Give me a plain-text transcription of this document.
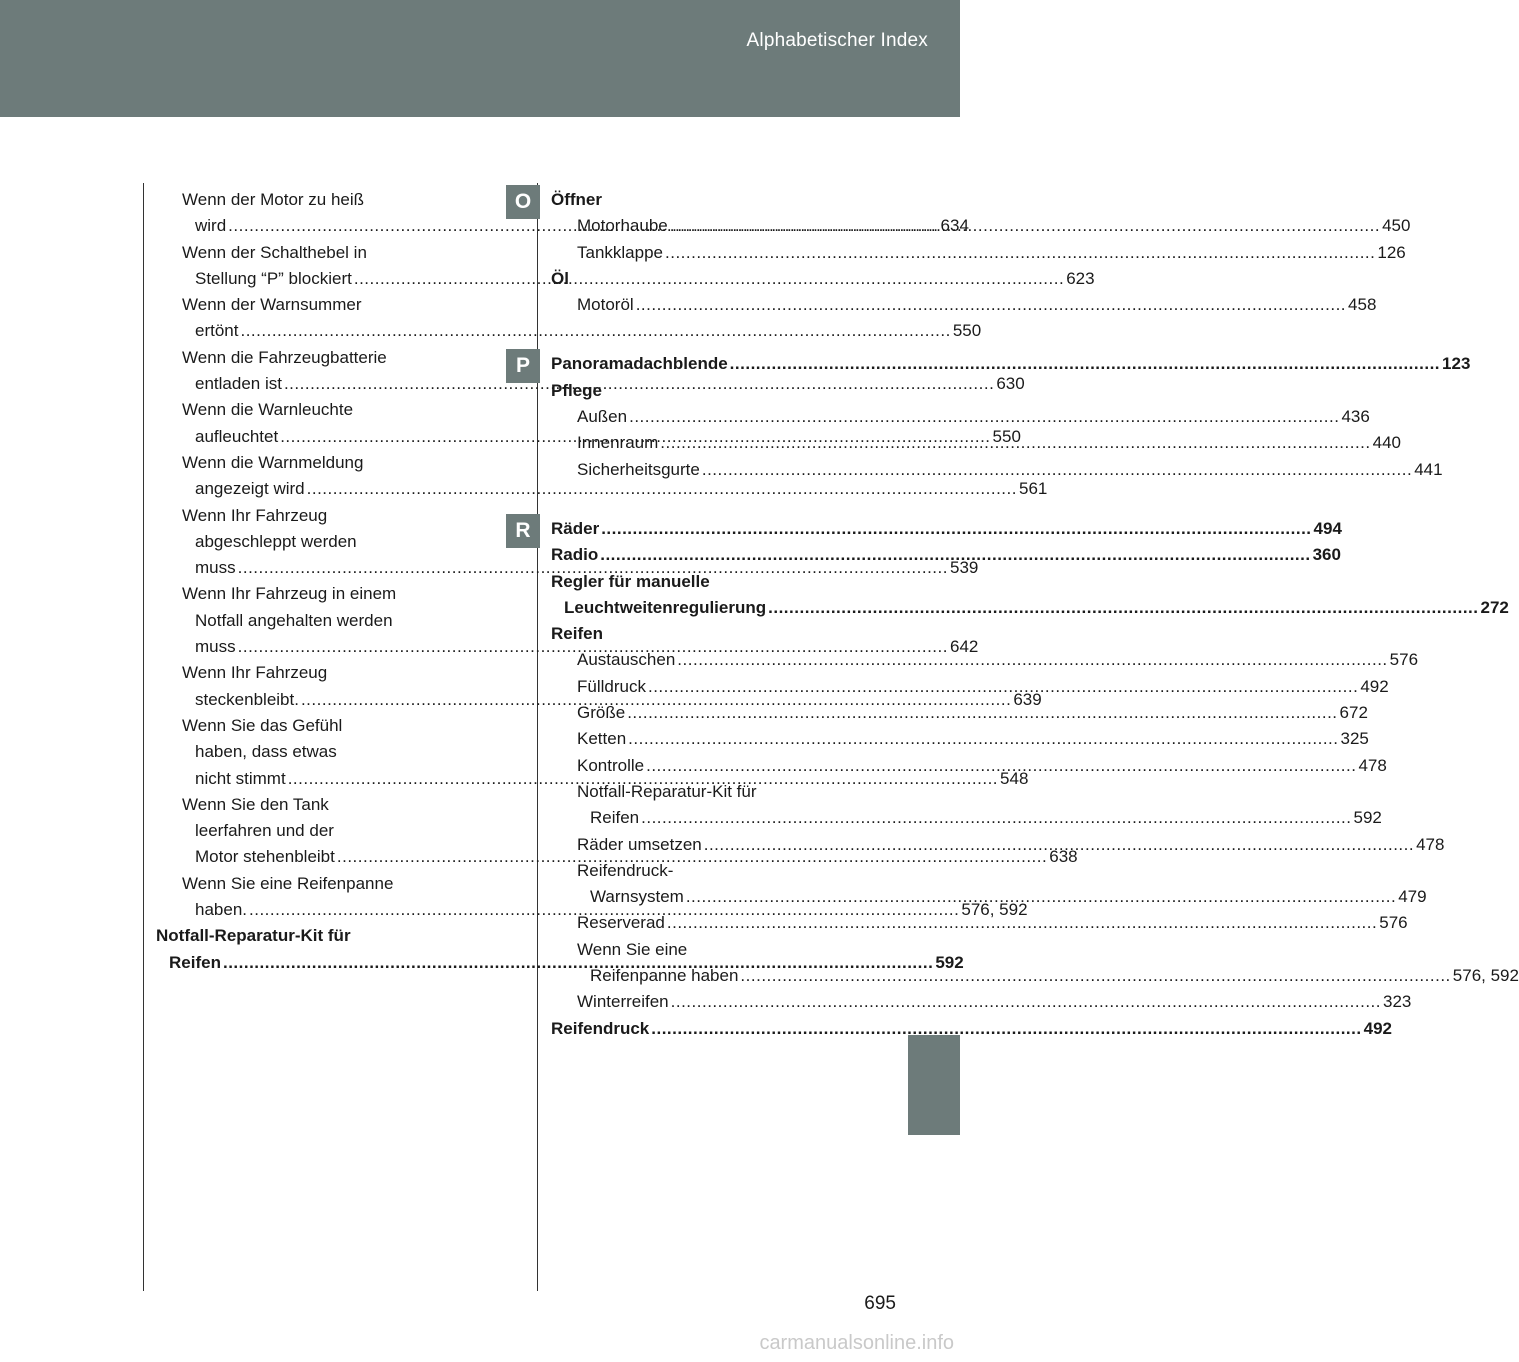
Alphabetischer Index
Wenn der Motor zu heiß
wird .....	634
Wenn der Schalthebel in
Stellung “P” blockiert .....	623
Wenn der Warnsummer
ertönt .....	550
Wenn die Fahrzeugbatterie
entladen ist .....	630
Wenn die Warnleuchte
aufleuchtet .....	550
Wenn die Warnmeldung
angezeigt wird .....	561
Wenn Ihr Fahrzeug
abgeschleppt werden
muss .....	539
Wenn Ihr Fahrzeug in einem
Notfall angehalten werden
muss .....	642
Wenn Ihr Fahrzeug
steckenbleibt. .....	639
Wenn Sie das Gefühl
haben, dass etwas
nicht stimmt .....	548
Wenn Sie den Tank
leerfahren und der
Motor stehenbleibt .....	638
Wenn Sie eine Reifenpanne
haben. .....	576, 592
Notfall-Reparatur-Kit für
Reifen .....	592
Öffner
Motorhaube .....	450
Tankklappe .....	126
Öl
Motoröl .....	458
Panoramadachblende .....	123
Pflege
Außen .....	436
Innenraum .....	440
Sicherheitsgurte .....	441
Räder .....	494
Radio .....	360
Regler für manuelle
Leuchtweitenregulierung .....	272
Reifen
Austauschen .....	576
Fülldruck .....	492
Größe .....	672
Ketten .....	325
Kontrolle .....	478
Notfall-Reparatur-Kit für
Reifen .....	592
Räder umsetzen .....	478
Reifendruck-
Warnsystem .....	479
Reserverad .....	576
Wenn Sie eine
Reifenpanne haben .....	576, 592
Winterreifen .....	323
Reifendruck .....	492
695
carmanualsonline.info
O
P
R
